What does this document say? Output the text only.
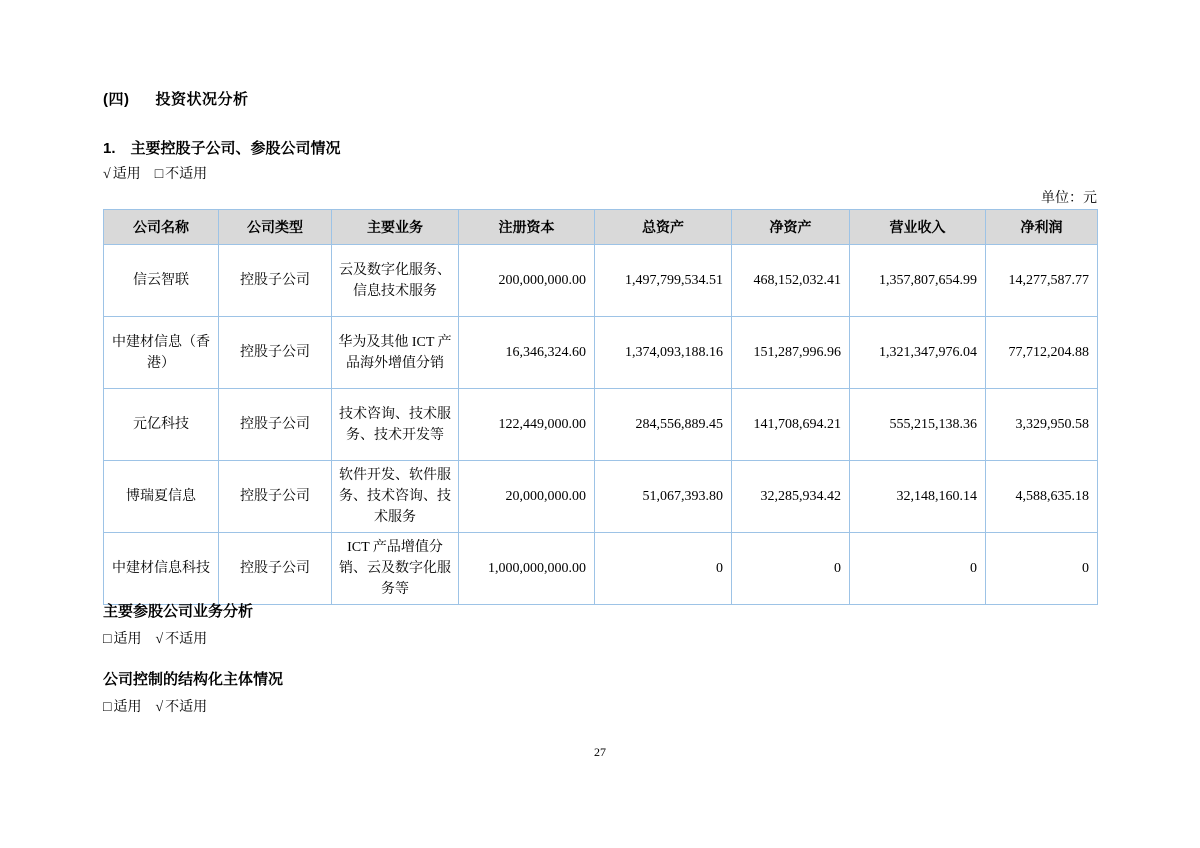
(四) 投资状况分析
1. 主要控股子公司、参股公司情况
√ 适用 □ 不适用
单位：元
公司名称	公司类型	主要业务	注册资本	总资产	净资产	营业收入	净利润
信云智联	控股子公司	云及数字化服务、信息技术服务	200,000,000.00	1,497,799,534.51	468,152,032.41	1,357,807,654.99	14,277,587.77
中建材信息（香港）	控股子公司	华为及其他 ICT 产品海外增值分销	16,346,324.60	1,374,093,188.16	151,287,996.96	1,321,347,976.04	77,712,204.88
元亿科技	控股子公司	技术咨询、技术服务、技术开发等	122,449,000.00	284,556,889.45	141,708,694.21	555,215,138.36	3,329,950.58
博瑞夏信息	控股子公司	软件开发、软件服务、技术咨询、技术服务	20,000,000.00	51,067,393.80	32,285,934.42	32,148,160.14	4,588,635.18
中建材信息科技	控股子公司	ICT 产品增值分销、云及数字化服务等	1,000,000,000.00	0	0	0	0
主要参股公司业务分析
□ 适用 √ 不适用
公司控制的结构化主体情况
□ 适用 √ 不适用
27
